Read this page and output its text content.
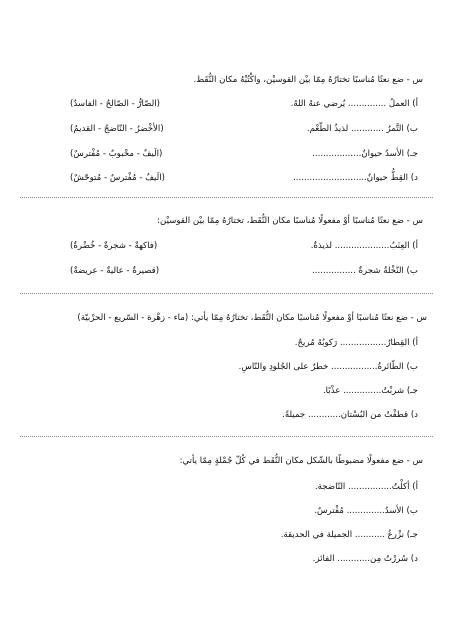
س - ضع نعتًا مُناسبًا تختارُهُ مِمّا بيْن القوسيْن، واكْتُبْهُ مكان النُّقَط.
أ) العملُ .............. يُرضي عنهُ اللهُ.
(الصّارُّ - الصّالحُ - الفاسدُ)
ب) التَّمرُ ............ لذيذُ الطّعْم.
(الأخْضرُ - النّاضجُ - القديمُ)
جـ) الأسدُ حيوانٌ..................
(الَيفٌ - محْبوبٌ - مُفْترسٌ)
د) القِطُّ حيوانٌ...........................
(الَيفٌ - مُفْترسٌ - مُتوحّشٌ)
س - ضع نعتًا مُناسبًا أوْ مفعولًا مُناسبًا مكان النُّقَط، تختارُهُ مِمّا بيْن القوسيْن:
أ) العِنَبُ.................... لذيذةٌ.
(فاكهةٌ - شجرةٌ - خُضْرةٌ)
ب) النّخْلةُ شجرةٌ ................
(قصيرةٌ - عاليةٌ - عريضةٌ)
س - ضع نعتًا مُناسبًا أوْ مفعولًا مُناسبًا مكان النُّقَط، تختارُهُ مِمّا يأتي: (ماء - زهْرة - السّريع - الحرْبيّة)
أ) القِطارُ................. رَكوبُهُ مُريحٌ.
ب) الطّائرةُ................. خطرٌ على الجُلودِ والنّاسِ.
جـ) شربْتُ.............. عذْبًا.
د) قطفْتُ من البُسْتان............ جميلةً.
س - ضع مفعولًا مضبوطًا بالشّكل مكان النُّقَط في كُلّ جُمْلةٍ مِمّا يأتي:
أ) أكلْتُ................ النّاضجة.
ب) الأسدُ.............. مُفْترسٌ.
جـ) نزْرعُ ........... الجميلة في الحديقة.
د) سُررْتُ مِن............ الفائز.
